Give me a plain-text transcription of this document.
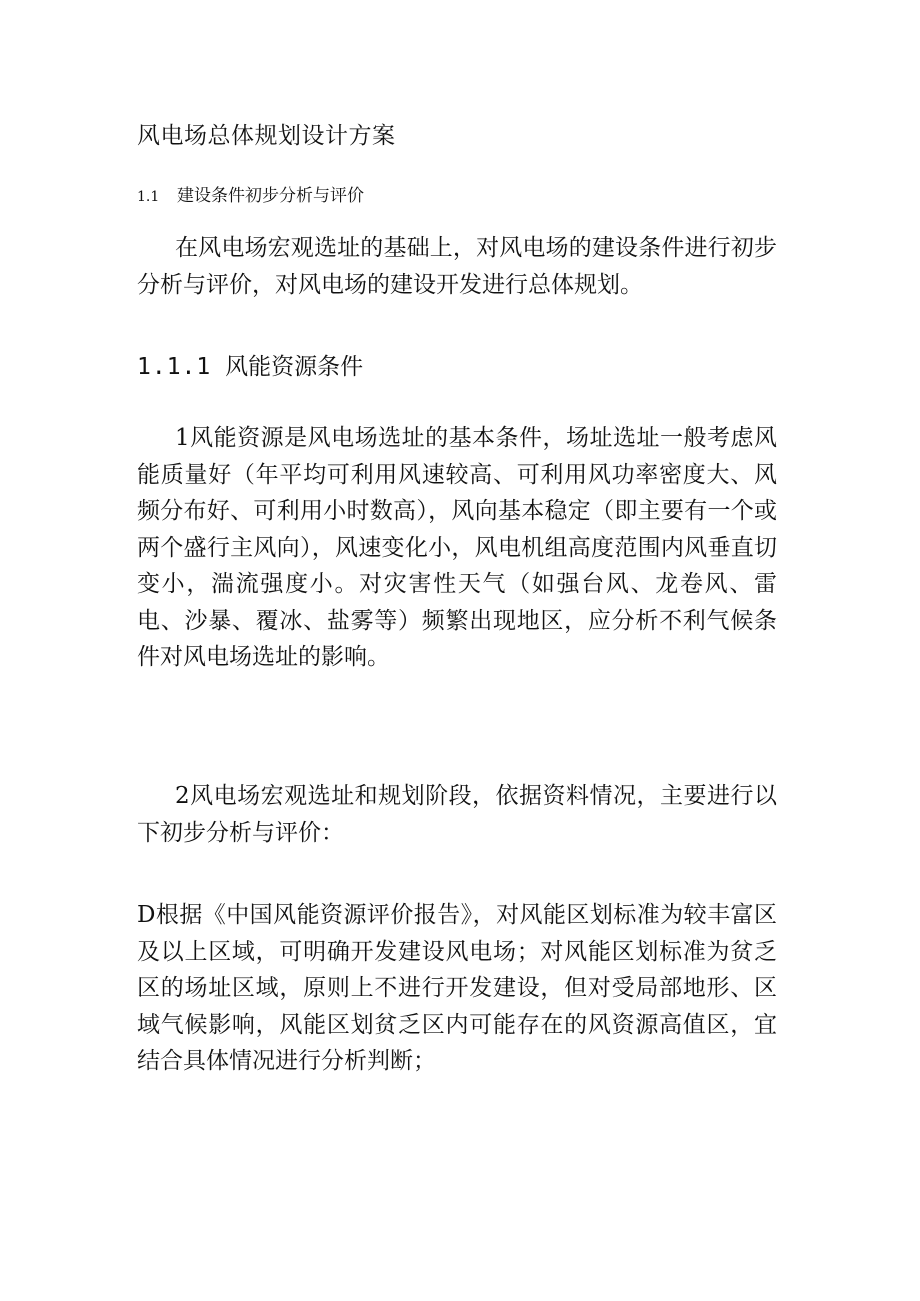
风电场总体规划设计方案
1.1 建设条件初步分析与评价
在风电场宏观选址的基础上，对风电场的建设条件进行初步分析与评价，对风电场的建设开发进行总体规划。
1.1.1 风能资源条件
1风能资源是风电场选址的基本条件，场址选址一般考虑风能质量好（年平均可利用风速较高、可利用风功率密度大、风频分布好、可利用小时数高），风向基本稳定（即主要有一个或两个盛行主风向），风速变化小，风电机组高度范围内风垂直切变小，湍流强度小。对灾害性天气（如强台风、龙卷风、雷电、沙暴、覆冰、盐雾等）频繁出现地区，应分析不利气候条件对风电场选址的影响。
2风电场宏观选址和规划阶段，依据资料情况，主要进行以下初步分析与评价：
D根据《中国风能资源评价报告》，对风能区划标准为较丰富区及以上区域，可明确开发建设风电场；对风能区划标准为贫乏区的场址区域，原则上不进行开发建设，但对受局部地形、区域气候影响，风能区划贫乏区内可能存在的风资源高值区，宜结合具体情况进行分析判断；
